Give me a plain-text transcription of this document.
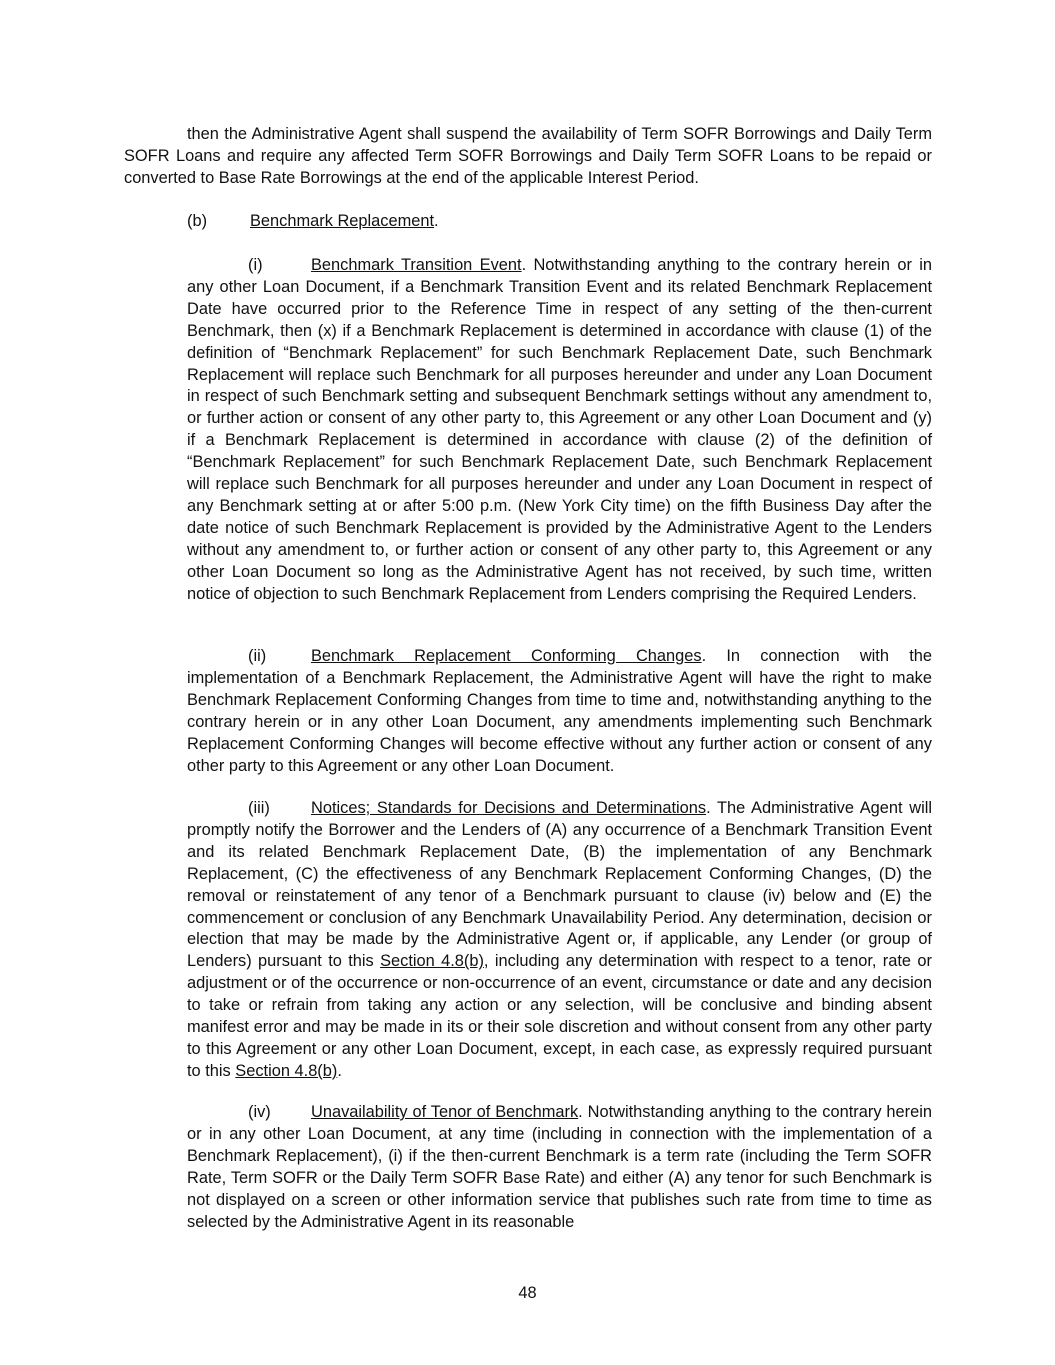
then the Administrative Agent shall suspend the availability of Term SOFR Borrowings and Daily Term SOFR Loans and require any affected Term SOFR Borrowings and Daily Term SOFR Loans to be repaid or converted to Base Rate Borrowings at the end of the applicable Interest Period.

(b)	Benchmark Replacement.

(i)	Benchmark Transition Event. Notwithstanding anything to the contrary herein or in any other Loan Document, if a Benchmark Transition Event and its related Benchmark Replacement Date have occurred prior to the Reference Time in respect of any setting of the then-current Benchmark, then (x) if a Benchmark Replacement is determined in accordance with clause (1) of the definition of “Benchmark Replacement” for such Benchmark Replacement Date, such Benchmark Replacement will replace such Benchmark for all purposes hereunder and under any Loan Document in respect of such Benchmark setting and subsequent Benchmark settings without any amendment to, or further action or consent of any other party to, this Agreement or any other Loan Document and (y) if a Benchmark Replacement is determined in accordance with clause (2) of the definition of “Benchmark Replacement” for such Benchmark Replacement Date, such Benchmark Replacement will replace such Benchmark for all purposes hereunder and under any Loan Document in respect of any Benchmark setting at or after 5:00 p.m. (New York City time) on the fifth Business Day after the date notice of such Benchmark Replacement is provided by the Administrative Agent to the Lenders without any amendment to, or further action or consent of any other party to, this Agreement or any other Loan Document so long as the Administrative Agent has not received, by such time, written notice of objection to such Benchmark Replacement from Lenders comprising the Required Lenders.

(ii)	Benchmark Replacement Conforming Changes. In connection with the implementation of a Benchmark Replacement, the Administrative Agent will have the right to make Benchmark Replacement Conforming Changes from time to time and, notwithstanding anything to the contrary herein or in any other Loan Document, any amendments implementing such Benchmark Replacement Conforming Changes will become effective without any further action or consent of any other party to this Agreement or any other Loan Document.

(iii)	Notices; Standards for Decisions and Determinations. The Administrative Agent will promptly notify the Borrower and the Lenders of (A) any occurrence of a Benchmark Transition Event and its related Benchmark Replacement Date, (B) the implementation of any Benchmark Replacement, (C) the effectiveness of any Benchmark Replacement Conforming Changes, (D) the removal or reinstatement of any tenor of a Benchmark pursuant to clause (iv) below and (E) the commencement or conclusion of any Benchmark Unavailability Period. Any determination, decision or election that may be made by the Administrative Agent or, if applicable, any Lender (or group of Lenders) pursuant to this Section 4.8(b), including any determination with respect to a tenor, rate or adjustment or of the occurrence or non-occurrence of an event, circumstance or date and any decision to take or refrain from taking any action or any selection, will be conclusive and binding absent manifest error and may be made in its or their sole discretion and without consent from any other party to this Agreement or any other Loan Document, except, in each case, as expressly required pursuant to this Section 4.8(b).

(iv) Unavailability of Tenor of Benchmark. Notwithstanding anything to the contrary herein or in any other Loan Document, at any time (including in connection with the implementation of a Benchmark Replacement), (i) if the then-current Benchmark is a term rate (including the Term SOFR Rate, Term SOFR or the Daily Term SOFR Base Rate) and either (A) any tenor for such Benchmark is not displayed on a screen or other information service that publishes such rate from time to time as selected by the Administrative Agent in its reasonable

48
